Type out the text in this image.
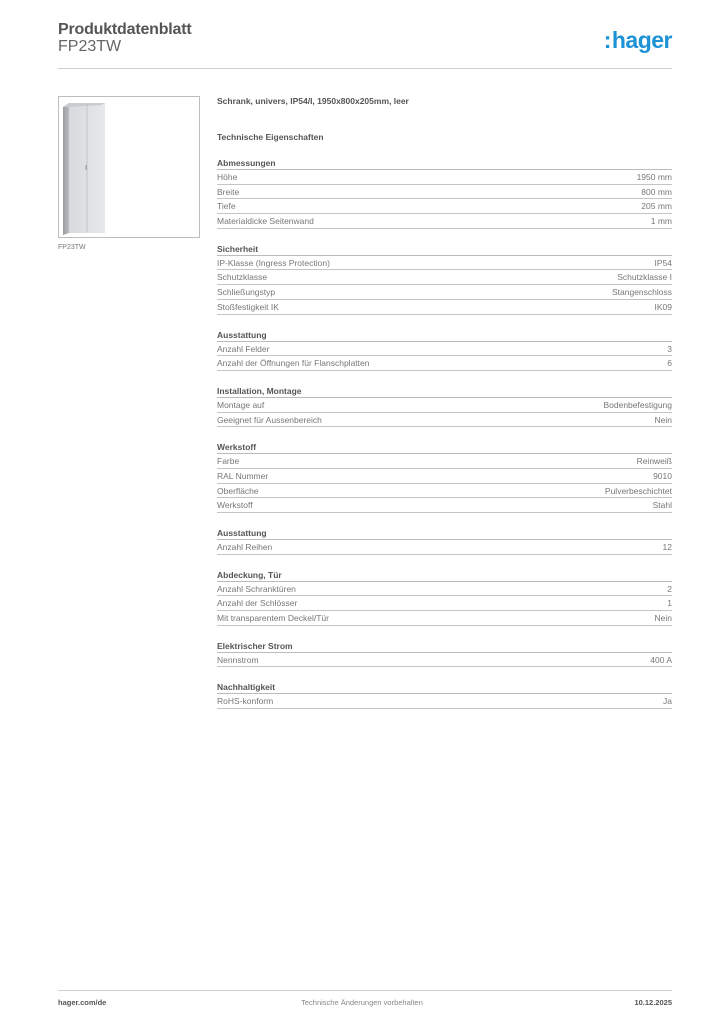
Produktdatenblatt
FP23TW	:hager
FP23TW
Schrank, univers, IP54/I, 1950x800x205mm, leer
Technische Eigenschaften
Abmessungen
Höhe	1950 mm
Breite	800 mm
Tiefe	205 mm
Materialdicke Seitenwand	1 mm
Sicherheit
IP-Klasse (Ingress Protection)	IP54
Schutzklasse	Schutzklasse I
Schließungstyp	Stangenschloss
Stoßfestigkeit IK	IK09
Ausstattung
Anzahl Felder	3
Anzahl der Öffnungen für Flanschplatten	6
Installation, Montage
Montage auf	Bodenbefestigung
Geeignet für Aussenbereich	Nein
Werkstoff
Farbe	Reinweiß
RAL Nummer	9010
Oberfläche	Pulverbeschichtet
Werkstoff	Stahl
Ausstattung
Anzahl Reihen	12
Abdeckung, Tür
Anzahl Schranktüren	2
Anzahl der Schlösser	1
Mit transparentem Deckel/Tür	Nein
Elektrischer Strom
Nennstrom	400 A
Nachhaltigkeit
RoHS-konform	Ja
Technische Änderungen vorbehalten
hager.com/de	10.12.2025
